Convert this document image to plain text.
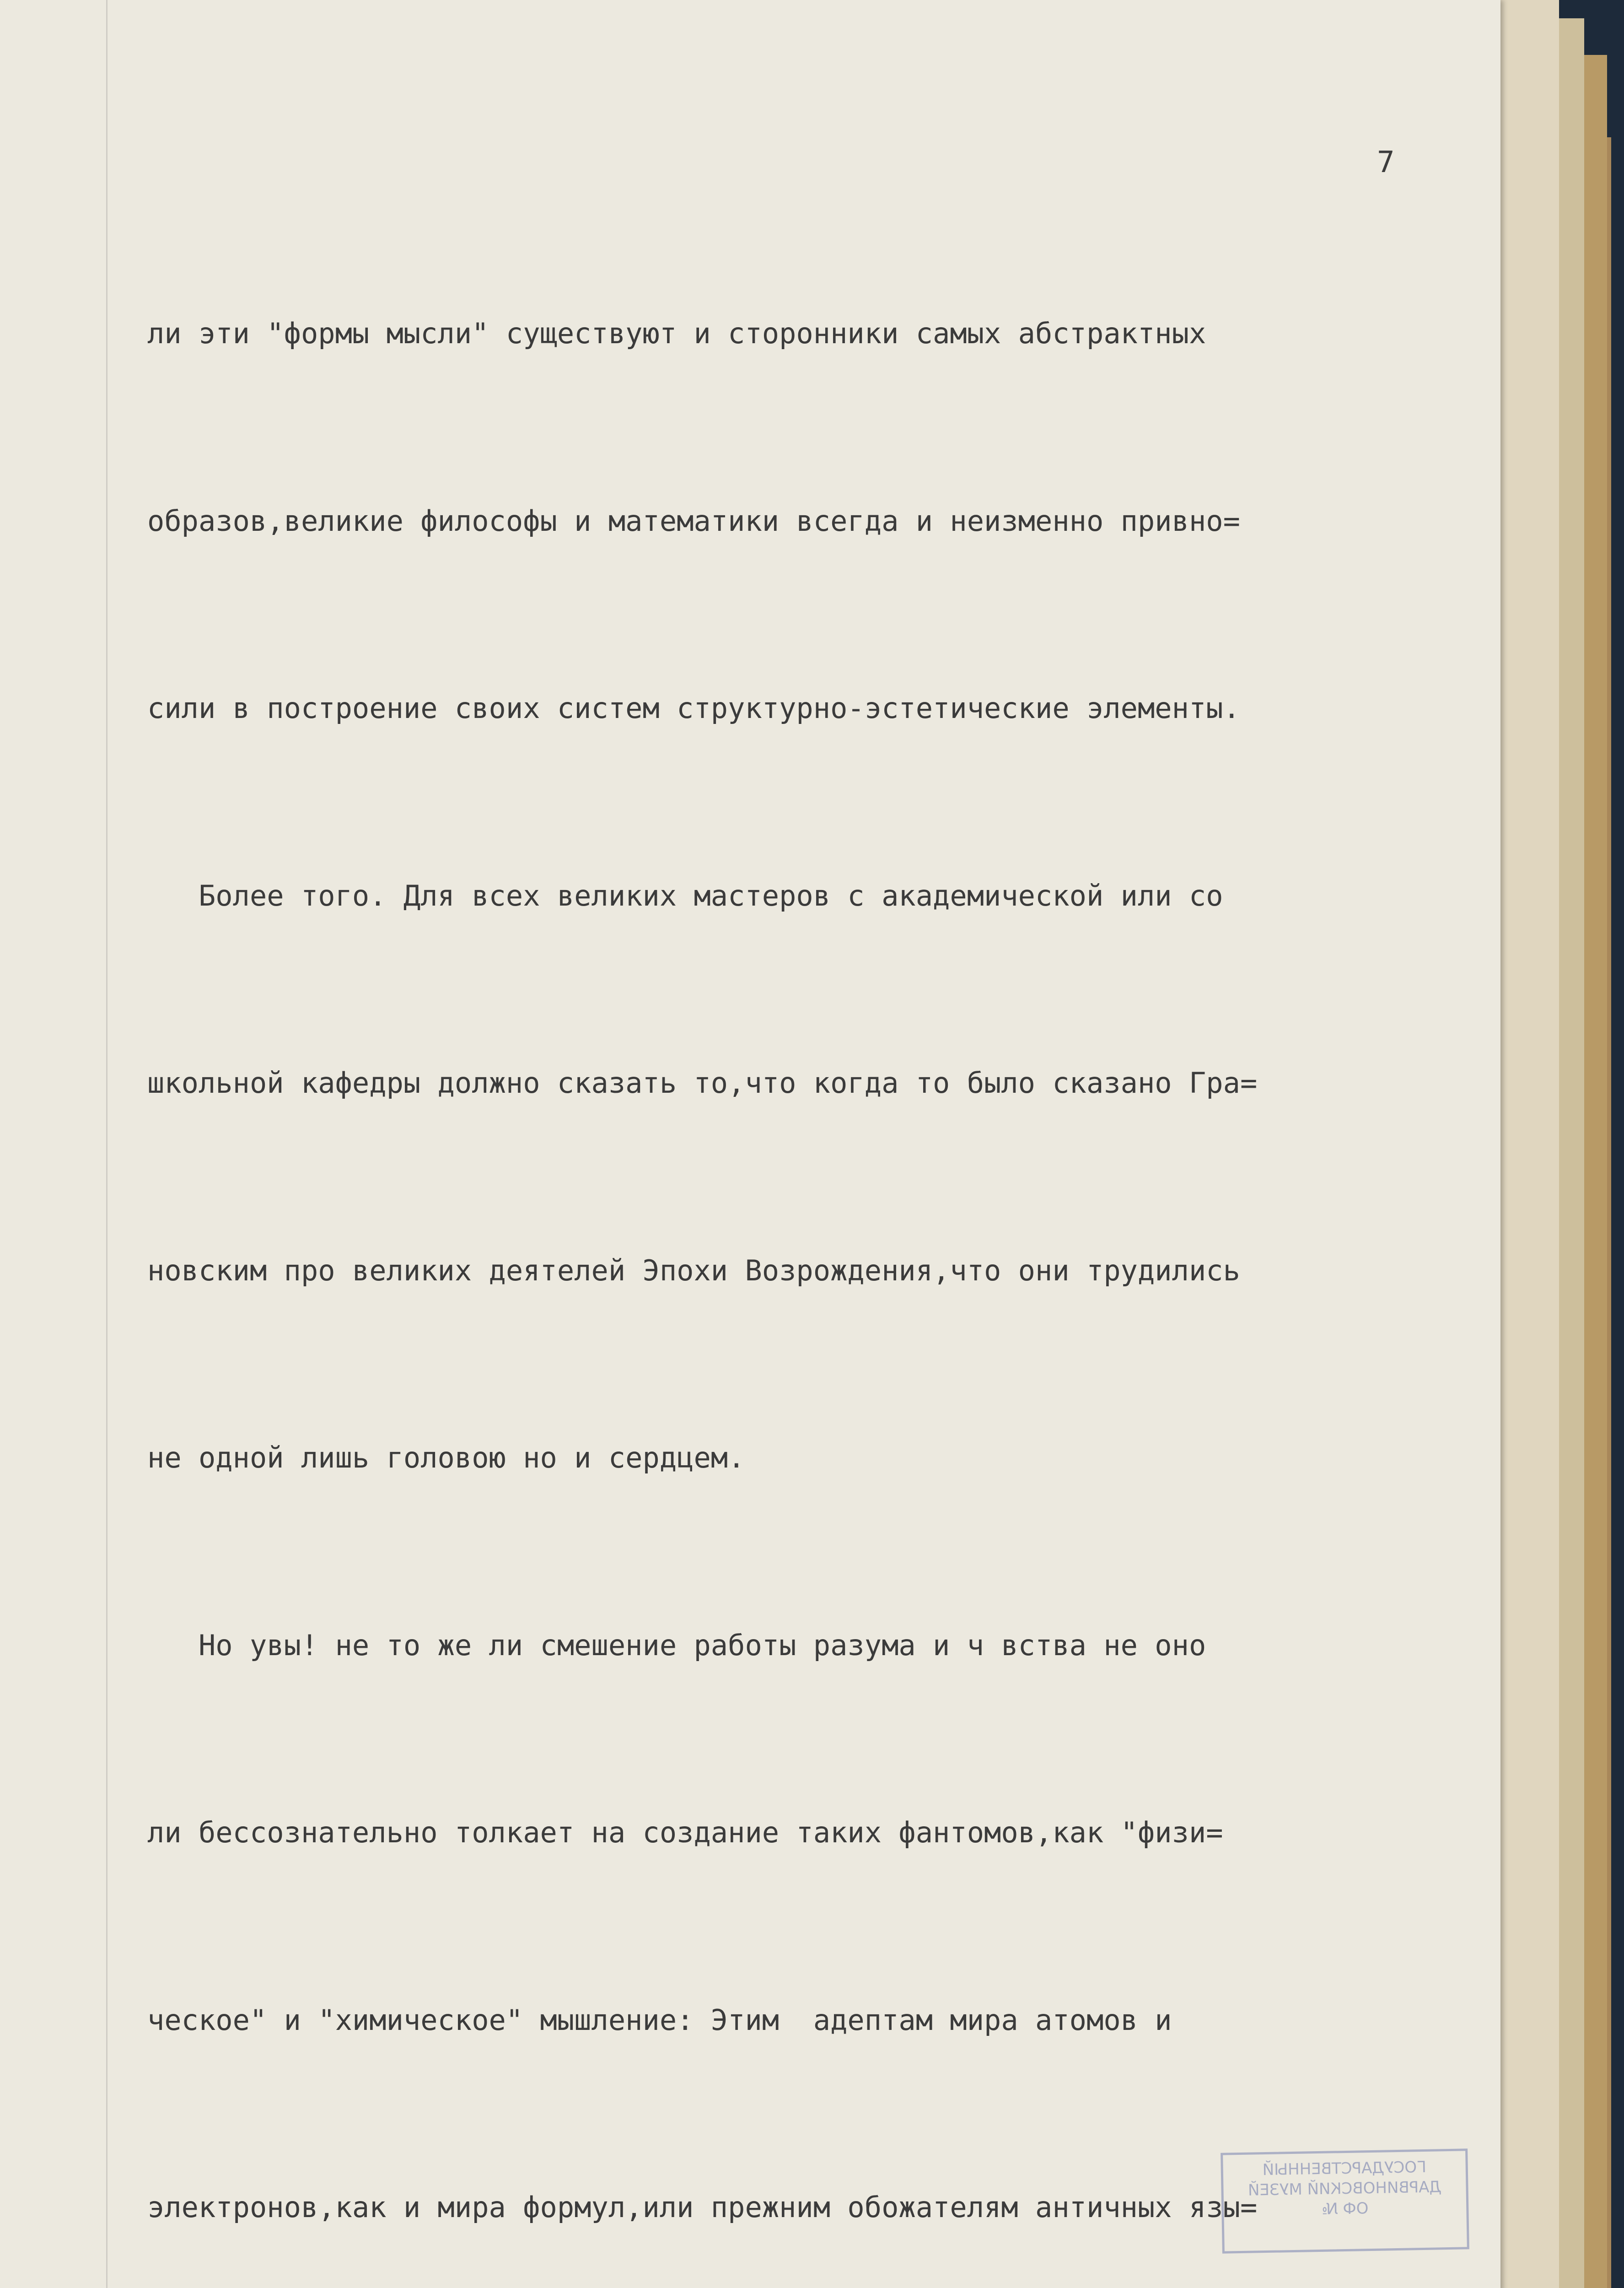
7

ли эти "формы мысли" существуют и сторонники самых абстрактных

образов,великие философы и математики всегда и неизменно привно=

сили в построение своих систем структурно-эстетические элементы.

Более того. Для всех великих мастеров с академической или со

школьной кафедры должно сказать то,что когда то было сказано Гра=

новским про великих деятелей Эпохи Возрождения,что они трудились

не одной лишь головою но и сердцем.

Но увы! не то же ли смешение работы разума и ч вства не оно

ли бессознательно толкает на создание таких фантомов,как "физи=

ческое" и "химическое" мышление: Этим  адептам мира атомов и

электронов,как и мира формул,или прежним обожателям античных язы=

ГОСУДАРСТВЕННЫЙ
ДАРВИНОВСКИЙ МУЗЕЙ
ОФ №
